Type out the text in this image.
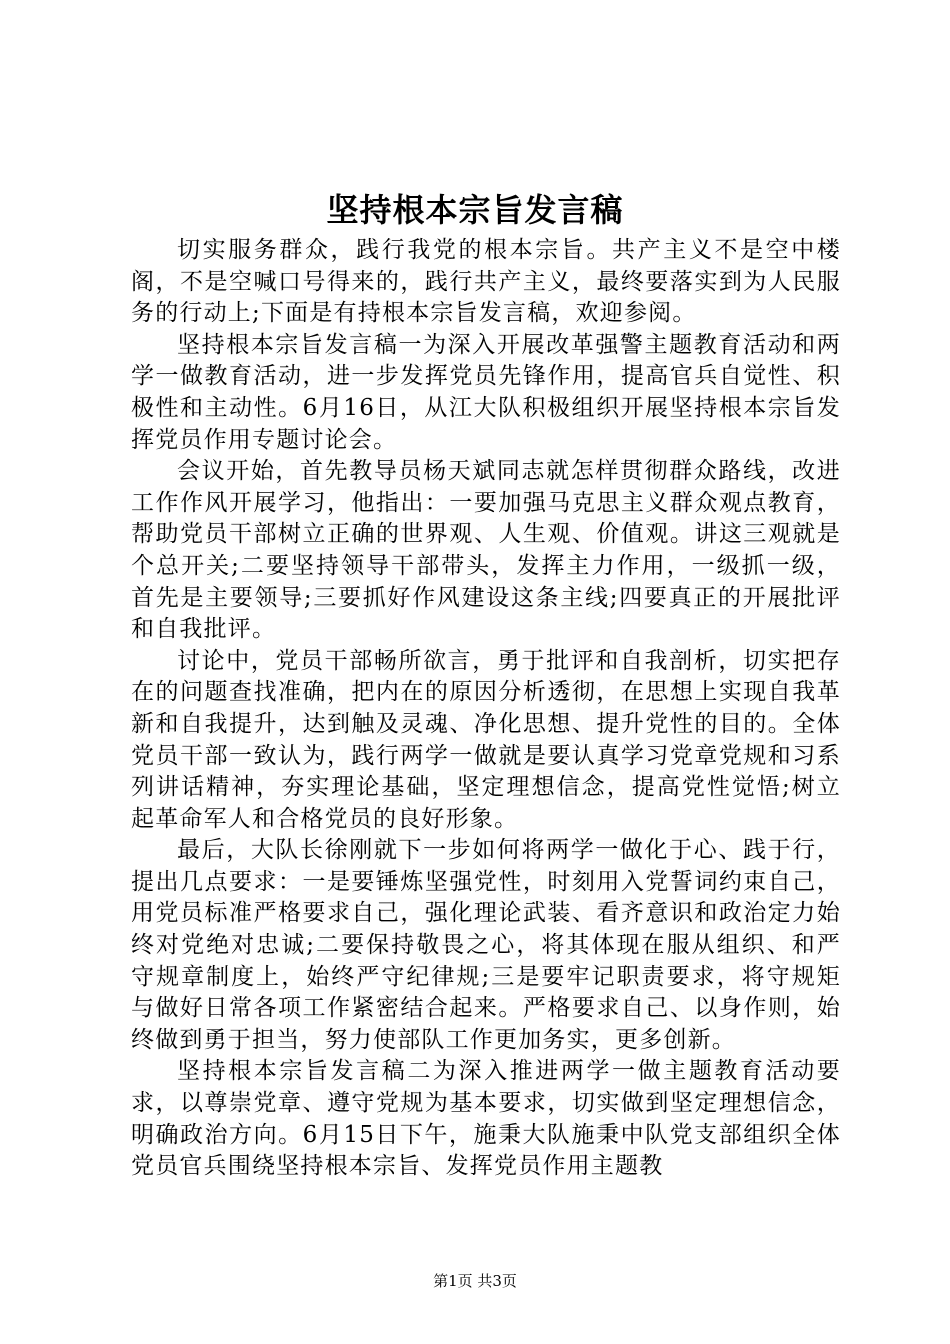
坚持根本宗旨发言稿

切实服务群众，践行我党的根本宗旨。共产主义不是空中楼阁，不是空喊口号得来的，践行共产主义，最终要落实到为人民服务的行动上;下面是有持根本宗旨发言稿，欢迎参阅。

坚持根本宗旨发言稿一为深入开展改革强警主题教育活动和两学一做教育活动，进一步发挥党员先锋作用，提高官兵自觉性、积极性和主动性。6月16日，从江大队积极组织开展坚持根本宗旨发挥党员作用专题讨论会。

会议开始，首先教导员杨天斌同志就怎样贯彻群众路线，改进工作作风开展学习，他指出：一要加强马克思主义群众观点教育，帮助党员干部树立正确的世界观、人生观、价值观。讲这三观就是个总开关;二要坚持领导干部带头，发挥主力作用，一级抓一级，首先是主要领导;三要抓好作风建设这条主线;四要真正的开展批评和自我批评。

讨论中，党员干部畅所欲言，勇于批评和自我剖析，切实把存在的问题查找准确，把内在的原因分析透彻，在思想上实现自我革新和自我提升，达到触及灵魂、净化思想、提升党性的目的。全体党员干部一致认为，践行两学一做就是要认真学习党章党规和习系列讲话精神，夯实理论基础，坚定理想信念，提高党性觉悟;树立起革命军人和合格党员的良好形象。

最后，大队长徐刚就下一步如何将两学一做化于心、践于行，提出几点要求：一是要锤炼坚强党性，时刻用入党誓词约束自己，用党员标准严格要求自己，强化理论武装、看齐意识和政治定力始终对党绝对忠诚;二要保持敬畏之心，将其体现在服从组织、和严守规章制度上，始终严守纪律规;三是要牢记职责要求，将守规矩与做好日常各项工作紧密结合起来。严格要求自己、以身作则，始终做到勇于担当，努力使部队工作更加务实，更多创新。

坚持根本宗旨发言稿二为深入推进两学一做主题教育活动要求，以尊崇党章、遵守党规为基本要求，切实做到坚定理想信念，明确政治方向。6月15日下午，施秉大队施秉中队党支部组织全体党员官兵围绕坚持根本宗旨、发挥党员作用主题教

第1页 共3页
